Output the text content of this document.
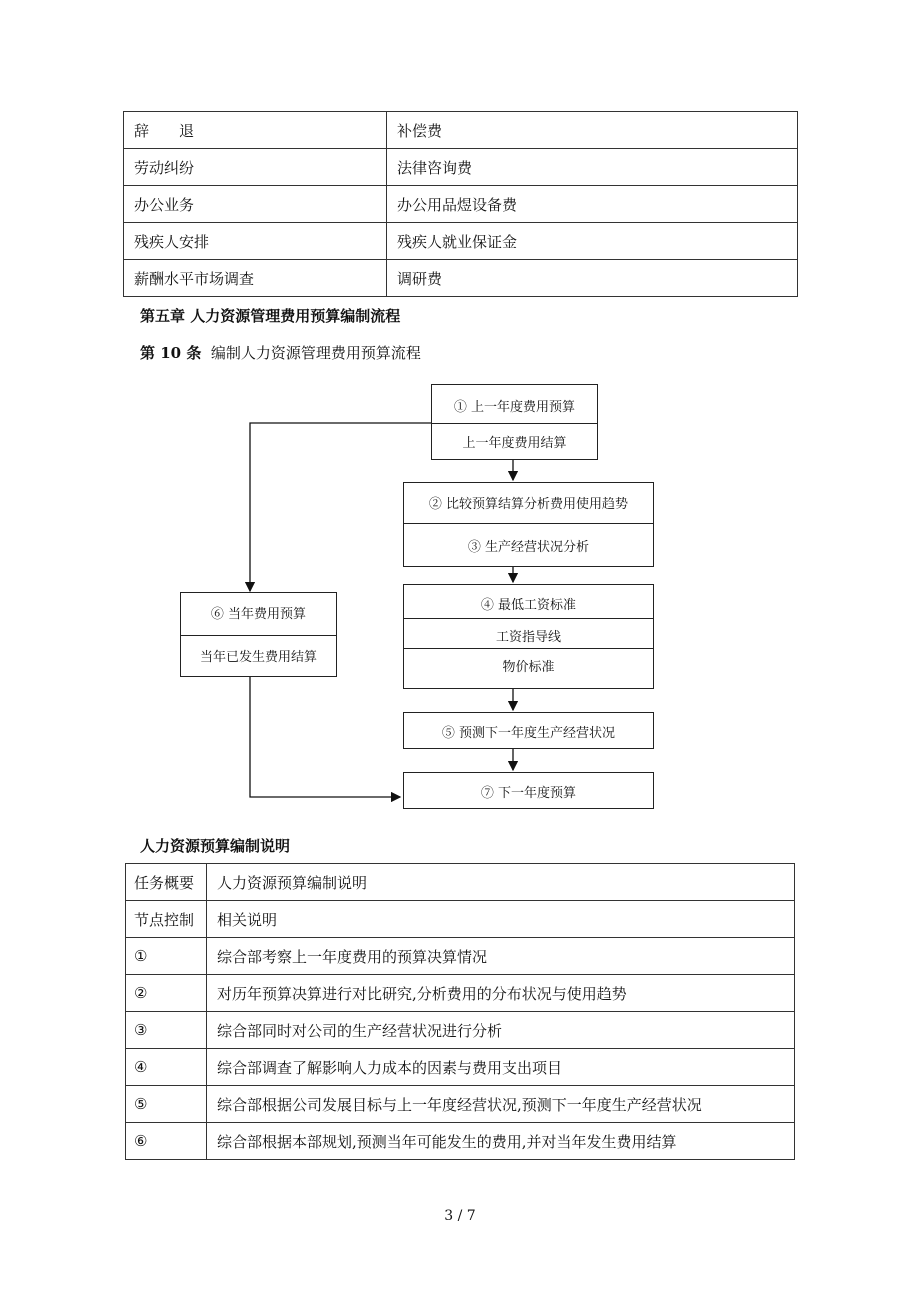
辞　　退	补偿费
劳动纠纷	法律咨询费
办公业务	办公用品煜设备费
残疾人安排	残疾人就业保证金
薪酬水平市场调查	调研费
第五章 人力资源管理费用预算编制流程
第 10 条 编制人力资源管理费用预算流程
① 上一年度费用预算
上一年度费用结算
② 比较预算结算分析费用使用趋势
③ 生产经营状况分析
④ 最低工资标准
工资指导线
物价标准
⑤ 预测下一年度生产经营状况
⑥ 当年费用预算
当年已发生费用结算
⑦ 下一年度预算
人力资源预算编制说明
任务概要	人力资源预算编制说明
节点控制	相关说明
①	综合部考察上一年度费用的预算决算情况
②	对历年预算决算进行对比研究,分析费用的分布状况与使用趋势
③	综合部同时对公司的生产经营状况进行分析
④	综合部调查了解影响人力成本的因素与费用支出项目
⑤	综合部根据公司发展目标与上一年度经营状况,预测下一年度生产经营状况
⑥	综合部根据本部规划,预测当年可能发生的费用,并对当年发生费用结算
3 / 7
